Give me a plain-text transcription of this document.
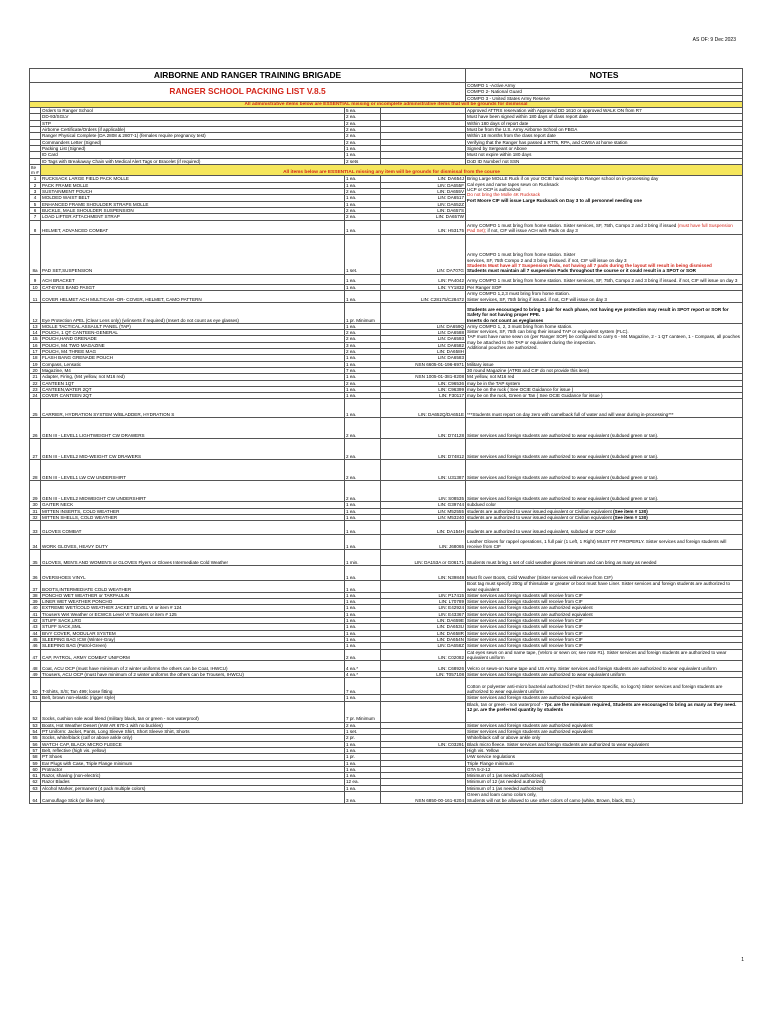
AS OF: 9 Dec 2023
AIRBORNE AND RANGER TRAINING BRIGADE				NOTES
RANGER SCHOOL PACKING LIST V.8.5				COMPO 1 -Active Army
				COMPO 2- National Guard
				COMPO 3 - United States Army Reserve
All administrative items below are ESSENTIAL missing or incomplete administrative items that will be grounds for dismissal				
	Orders to Ranger School	5 ea.		Approved ATTRS reservation with Approved DD 1610 or approved WALK ON from R7
	DD-93/SGLV	2 ea.		Must have been signed within 180 days of class report date
	STP	2 ea.		Within 180 days of report date
	Airborne Certificate/Orders (if applicable)	2 ea.		Must be from the U.S. Army Airborne School on FBGA
	Ranger Physical Complete (DA 2808 & 2807-1) (females require pregnancy test)	2 ea.		Within 18 months from the class report date
	Commanders Letter (Signed)	2 ea.		Verifying that the Ranger has passed a RTTs, RPA, and CWSA at home station
	Packing List (Signed)	1 ea.		Signed by Sergeant or Above
	ID Card	1 ea.		Must not expire within 180 days
	ID Tags with Breakaway Chain with Medical Alert Tags or Bracelet (if required)	2 sets		DoD ID Number/ not SSN
Item #	All items below are ESSENTIAL missing any item will be grounds for dismissal from the course			
1	RUCKSACK LARGE FIELD PACK MOLLE	1 ea.	LIN: DA654J	Bring Large MOLLE Ruck if on your OCIE hand receipt to Ranger school on in-processing day
Cal eyes and name tapes sewn on Rucksack
UCP or OCP is authorized
Do not bring the Molle 4K Rucksack
Fort Moore CIF will issue Large Rucksack on Day 3 to all personnel needing one
2	PACK FRAME MOLLE	1 ea.	LIN: DA655F	
3	SUSTAINMENT POUCH	2 ea.	LIN: DA655V	
4	MOLDED WAIST BELT	1 ea.	LIN: DA6517	
5	ENHANCED FRAME SHOULDER STRAPS MOLLE	1 ea.	LIN: DA652Z	
6	BUCKLE, MALE SHOULDER SUSPENSION	2 ea.	LIN: DA657S	
7	LOAD LIFTER ATTACHMENT STRAP	2 ea.	LIN: DA657W	
8	HELMET, ADVANCED COMBAT	1 ea.	LIN: H53175	Army COMPO 1 must bring from home station. Sister services, SF, 75th, Compo 2 and 3 bring if issued (must have full Suspension Pad Set); if not, CIF will issue ACH with Pads on day 3
8a	PAD SET,SUSPENSION	1 set.	LIN: DA707G	Army COMPO 1 must bring from home station. Sister
services, SF, 75th Compo 2 and 3 bring if issued. if not, CIF will issue on day 3
Students Must have all 7 Suspension Pads, not having all 7 pads during the layout will result in being dismissed
Students must maintain all 7 suspension Pads throughout the course or it could result in a SPOT or SOR
9	ACH BRACKET	1 ea.	LIN: PA4042	Army COMPO 1 must bring from home station. Sister services, SF, 75th, Compo 2 and 3 bring if issued. if not, CIF will issue on day 3
10	CAT-EYES BAND PASGT	1 ea.	LIN: YY1832	Per Ranger SOP
11	COVER HELMET ACH MULTICAM -OR- COVER, HELMET, CAMO PATTERN	1 ea.	LIN: C28175/C28472	Army COMPO 1,2,3 must bring from home station.
Sister services, SF, 75th bring if issued. if not, CIF will issue on day 3
12	Eye Protection APEL (Clear Lens only) (w/inserts if required) (Insert do not count as eye glasses)	1 pr. Minimum		Students are encouraged to bring 1 pair for each phase, not having eye protection may result in SPOT report or SOR for Safety for not having proper PPE.
Inserts do not count as eyeglasses
13	MOLLE TACTICAL ASSAULT PANEL (TAP)	1 ea.	LIN: DA659Q	Army COMPO 1, 2, 3 must bring from home station.
Sister services, SF, 75th can bring their issued TAP or equivalent system (FLC).
TAP must have name sewn on (per Ranger SOP) be configured to carry 6 - M4 Magazine, 2 - 1 QT canteen, 1 - Compass, all pouches may be attached to the TAP or equivalent during the inspection.
Additional pouches are authorized.

14	POUCH, 1 QT CANTEEN-GENERAL	2 ea.	LIN: DA6588	
15	POUCH,HAND GRENADE	2 ea.	LIN: DA6593	
16	POUCH, M4 TWO MAGAZINE	3 ea.	LIN: DA6582	
17	POUCH, M4 THREE MAG	2 ea.	LIN: DA658H	
18	FLASH BANG GRENADE POUCH	1 ea.	LIN: DA6583	
19	Compass, Lensatic	1 ea.	NSN 6605-01-196-6971	Military issue
20	Magazine, M4	7 ea.		30 round Magazine (ATRB and CIF do not provide this item)
21	Adapter, Firing, (M4 yellow, not M16 red)	1 ea.	NSN 1005-01-381-8208	M4 yellow, not M16 red
22	CANTEEN 1QT	2 ea.	LIN: C96536	may be in the TAP system
23	CANTEEN,WATER 2QT	1 ea.	LIN: C96399	may be on the ruck ( See OCIE Guidance for issue )
24	COVER CANTEEN 2QT	1 ea.	LIN: F30117	may be on the ruck, Green or Tan ( See OCIE Guidance for issue )
25	CARRIER, HYDRATION SYSTEM W/BLADDER, HYDRATION S	1 ea.	LIN: DA652Q/DA651E	***Students must report on day zero with camelback full of water and will wear during in-processing***
26	GEN III - LEVEL1 LIGHTWEIGHT CW DRAWERS	2 ea.	LIN: D74128	Sister services and foreign students are authorized to wear equivalent (subdued green or tan).
27	GEN III - LEVEL2 MID-WEIGHT CW DRAWERS	2 ea.	LIN: D74812	Sister services and foreign students are authorized to wear equivalent (subdued green or tan).
28	GEN III - LEVEL1 LW CW UNDERSHIRT	2 ea.	LIN: U31387	Sister services and foreign students are authorized to wear equivalent (subdued green or tan).
29	GEN III - LEVEL2 MIDWEIGHT CW UNDERSHIRT	2 ea.	LIN: S08535	Sister services and foreign students are authorized to wear equivalent (subdued green or tan).
30	GAITER NECK	1 ea.	LIN: G39744	subdued color
31	MITTEN INSERTS, COLD WEATHER	1 ea.	LIN: M52555	students are authorized to wear issued equivalent or Civilian equivalent (See item # 130)
32	MITTEN SHELLS, COLD WEATHER	1 ea.	LIN: M53240	students are authorized to wear issued equivalent or Civilian equivalent (See item # 130)
33	GLOVES COMBAT	1 ea.	LIN: DA154H	students are authorized to wear issued equivalent, subdued or OCP color
34	WORK GLOVES, HEAVY DUTY	1 ea.	LIN: J68065	Leather Gloves for rappel operations, 1 full pair (1 Left, 1 Right) MUST FIT PROPERLY. Sister services and foreign students will receive from CIF
35	GLOVES, MEN'S AND WOMEN'S or GLOVES Flyers or Gloves Intermediate Cold Weather	1 min.	LIN: DA153A or G06171	Students must bring 1 set of cold weather gloves minimum and can bring as many as needed
36	OVERSHOES VINYL	1 ea.	LIN: N39848	Must fit over Boots, Cold Weather (Sister services will receive from CIF)
37	BOOTS,INTERMEDIATE COLD WEATHER	1 ea.		Boot tag must specify 200g of thinsulate or greater or boot must have Liner. Sister services and foreign students are authorized to wear equivalent
38	PONCHO WET WEATHER or TARPAULIN	1 ea.	LIN: P17415	Sister services and foreign students will receive from CIF
39	LINER WET WEATHER PONCHO	1 ea.	LIN: L70789	Sister services and foreign students will receive from CIF
40	EXTREME WET/COLD WEATHER JACKET LEVEL VI or item # 124	1 ea.	LIN: E42924	Sister services and foreign students are authorized equivalent
41	Trousers Wet Weather or ECWCS Level VI Trousers or item # 125	1 ea.	LIN: E43367	Sister services and foreign students are authorized equivalent
42	STUFF SACK,LRG	1 ea.	LIN: DA659E	Sister services and foreign students will receive from CIF
43	STUFF SACK,SML	1 ea.	LIN: DA653U	Sister services and foreign students will receive from CIF
44	BIVY COVER, MODULAR SYSTEM	1 ea.	LIN: DA658R	Sister services and foreign students will receive from CIF
45	SLEEPING BAG ICW (Winter-Gray)	1 ea.	LIN: DA654N	Sister services and foreign students will receive from CIF
46	SLEEPING BAG (Patrol-Green)	1 ea.	LIN: DA658Z	Sister services and foreign students will receive from CIF
47	CAP, PATROL, ARMY COMBAT UNIFORM	2 ea.	LIN: C02082	Cat eyes sewn on and name tape, (Velcro or sewn on; see note #1). Sister services and foreign students are authorized to wear equivalent uniform
48	Coat, ACU OCP (must have minimum of 2 winter uniforms the others can be Coat, IHWCU)	4 ea.*	LIN: C68926	Velcro or sewn-on Name tape and US Army. Sister services and foreign students are authorized to wear equivalent uniform
49	Trousers, ACU OCP (must have minimum of 2 winter uniforms the others can be Trousers, IHWCU)	4 ea.*	LIN: T057108	Sister services and foreign students are authorized to wear equivalent uniform
50	T-Shirts, S/S; Tan 499; loose fitting	7 ea.		Cotton or polyester anti-micro bacterial authorized (T-shirt Service Specific, no logo's) Sister services and foreign students are authorized to wear equivalent uniform
51	Belt, brown non-elastic (rigger style)	1 ea.		Sister services and foreign students are authorized equivalent
52	Socks, cushion sole wool blend (military black, tan or green - non waterproof)	7 pr. Minimum		Black, tan or green - non waterproof - 7pr. are the minimum required, Students are encouraged to bring as many as they need. 12 pr. are the preferred quantity by students
53	Boots, Hot Weather Desert (IAW AR 670-1 with no buckles)	2 ea.		Sister services and foreign students are authorized equivalent
54	PT Uniform: Jacket, Pants, Long Sleeve Shirt, Short Sleeve Shirt, Shorts	1 set.		Sister services and foreign students are authorized equivalent
55	Socks, white/black (calf or above ankle only)	2 pr.		White/black calf or above ankle only
56	WATCH CAP, BLACK MICRO FLEECE	1 ea.	LIN: C03291	Black micro fleece. Sister services and foreign students are authorized to wear equivalent
57	Belt, reflective (high vis. yellow)	1 ea.		High vis. Yellow
58	PT Shoes	1 pr.		IAW service regulations
59	Ear Plugs with Case, Triple Flange minimum	1 ea.		Triple Flange minimum
60	Protractor	1 ea.		GTA 5-2-12
61	Razor, shaving (non-electric)	1 ea.		Minimum of 1 (as needed authorized)
62	Razor Blades	12 ea.		Minimum of 12 (as needed authorized)
63	Alcohol Marker, permanent (4 pack multiple colors)	1 ea.		Minimum of 1 (as needed authorized)
64	Camouflage Stick (or like item)	3 ea.	NSN 6850-00-161-6204	Green and loam camo colors only,
Students will not be allowed to use other colors of camo (white, Brown, black, Etc.)
1
